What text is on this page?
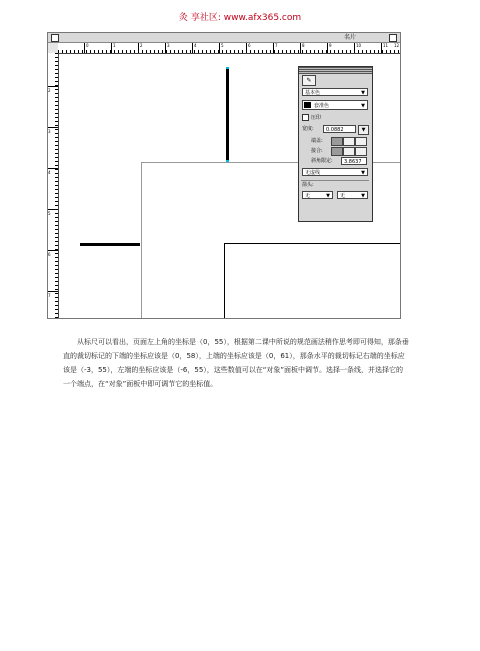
灸 享社区: www.afx365.com
名片
0	1	2	3	4	5	6	7	8	9	10	11 12
2
3
4
5
6
7
✎
基本色	▼
套准色	▼
压印
宽度:	0.0882	▼
端盖:
接合:
斜角限定:	3.8637
无虚线	▼
箭头:
无	▼	无	▼

从标尺可以看出，页面左上角的坐标是（0，55），根据第二课中所说的规范画法稍作思考即可得知，那条垂直的裁切标记的下端的坐标应该是（0，58），上端的坐标应该是（0，61），那条水平的裁切标记右端的坐标应该是（-3，55），左端的坐标应该是（-6，55），这些数值可以在“对象”面板中调节。选择一条线，并选择它的一个端点，在“对象”面板中即可调节它的坐标值。
